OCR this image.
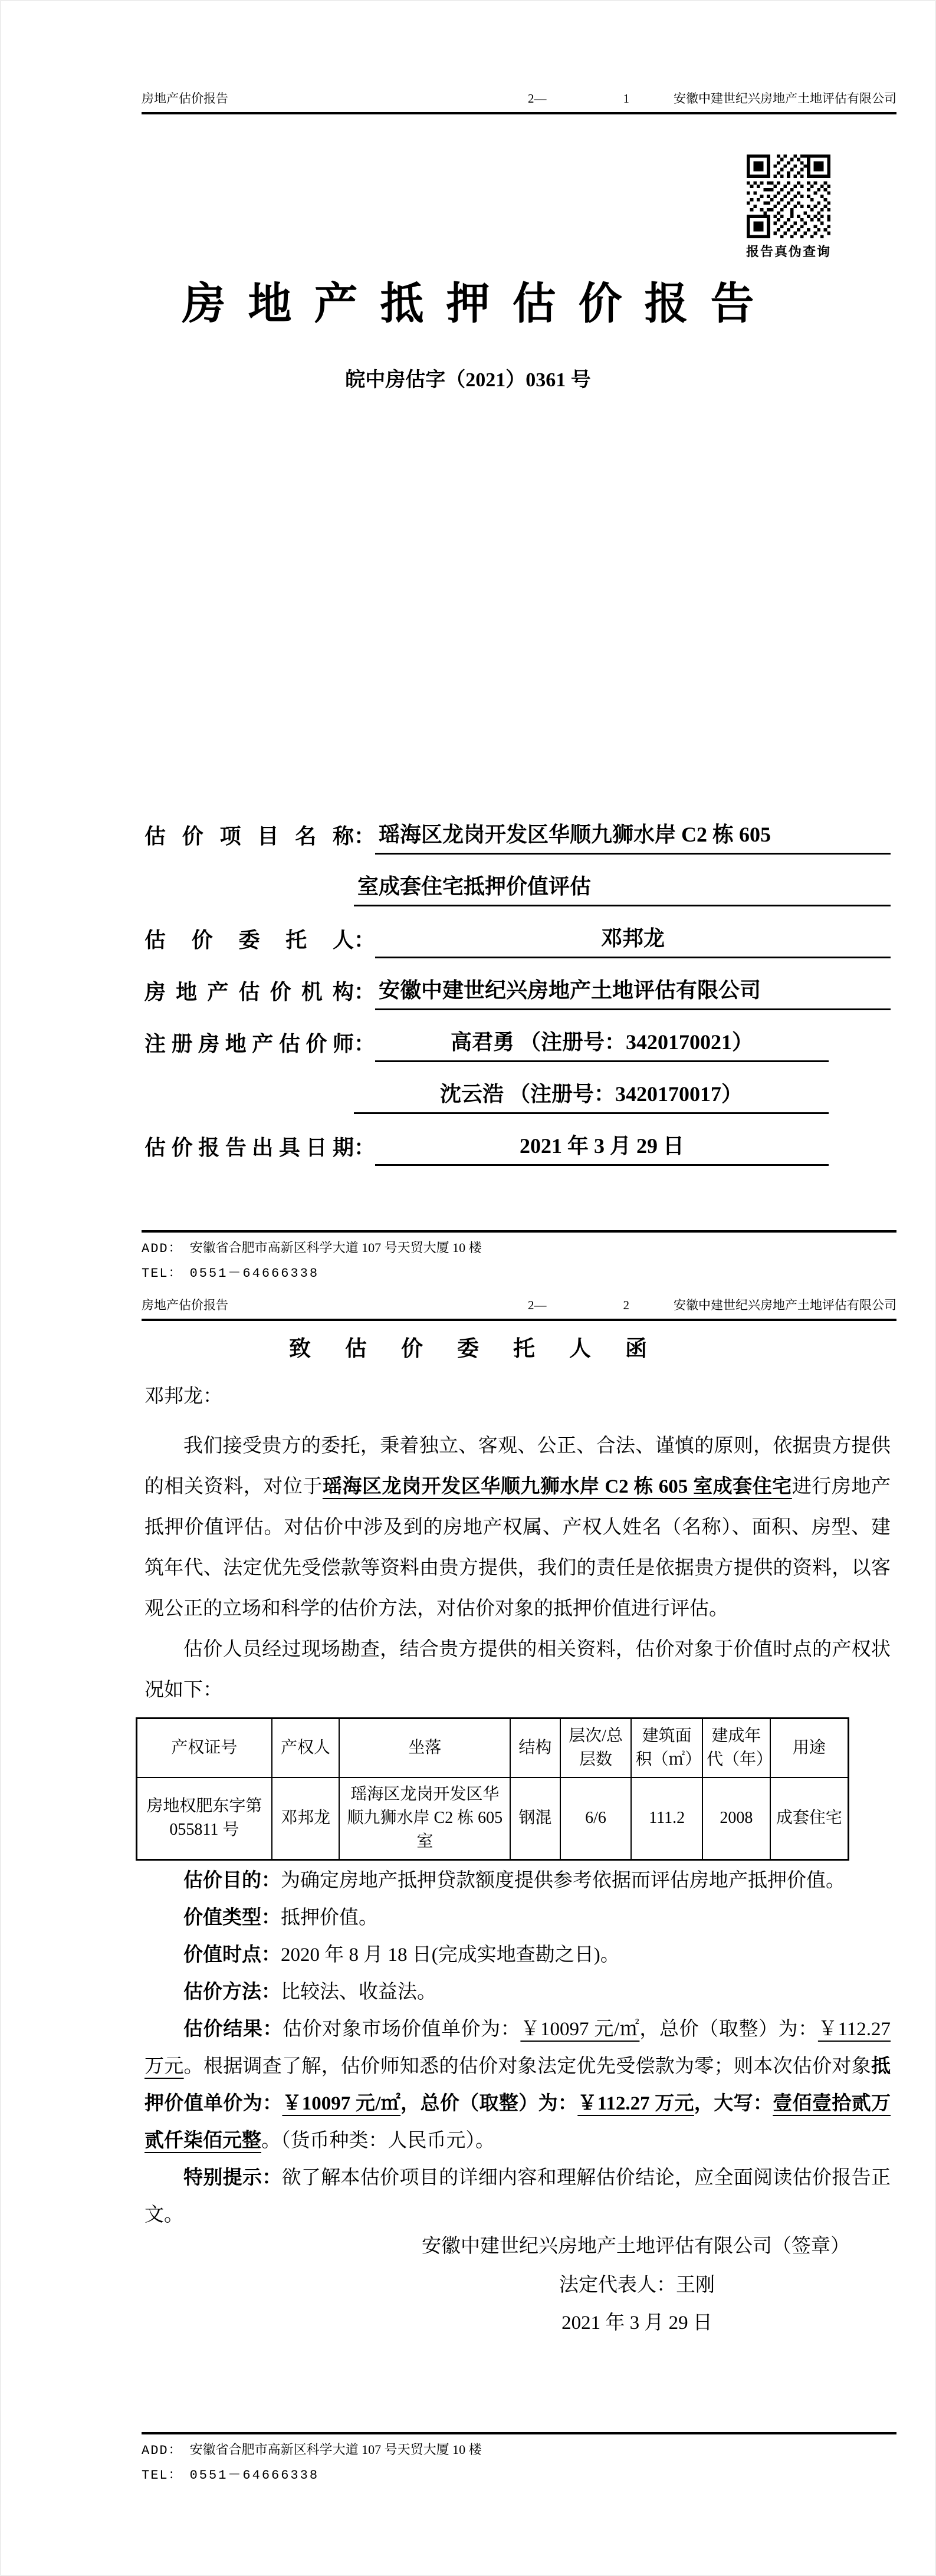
房地产估价报告	2—	1	安徽中建世纪兴房地产土地评估有限公司
报告真伪查询
房地产抵押估价报告
皖中房估字（2021）0361 号
估价项目名称 ： 瑶海区龙岗开发区华顺九狮水岸 C2 栋 605
室成套住宅抵押价值评估
估价委托人 ：	邓邦龙
房地产估价机构 ： 安徽中建世纪兴房地产土地评估有限公司
注册房地产估价师 ：	高君勇 （注册号：3420170021）
沈云浩 （注册号：3420170017）
估价报告出具日期 ：	2021 年 3 月 29 日
ADD： 安徽省合肥市高新区科学大道 107 号天贸大厦 10 楼
TEL： 0551－64666338
房地产估价报告	2—	2	安徽中建世纪兴房地产土地评估有限公司
致估价委托人函
邓邦龙：

我们接受贵方的委托，秉着独立、客观、公正、合法、谨慎的原则，依据贵方提供的相关资料，对位于瑶海区龙岗开发区华顺九狮水岸 C2 栋 605 室成套住宅进行房地产抵押价值评估。对估价中涉及到的房地产权属、产权人姓名（名称）、面积、房型、建筑年代、法定优先受偿款等资料由贵方提供，我们的责任是依据贵方提供的资料，以客观公正的立场和科学的估价方法，对估价对象的抵押价值进行评估。

估价人员经过现场勘查，结合贵方提供的相关资料，估价对象于价值时点的产权状况如下：

产权证号	产权人	坐落	结构	层次/总层数	建筑面积（㎡）	建成年代（年）	用途
房地权肥东字第 055811 号	邓邦龙	瑶海区龙岗开发区华顺九狮水岸 C2 栋 605 室	钢混	6/6	111.2	2008	成套住宅

估价目的：为确定房地产抵押贷款额度提供参考依据而评估房地产抵押价值。

价值类型：抵押价值。

价值时点：2020 年 8 月 18 日(完成实地查勘之日)。

估价方法：比较法、收益法。

估价结果：估价对象市场价值单价为：￥10097 元/㎡，总价（取整）为：￥112.27 万元。根据调查了解，估价师知悉的估价对象法定优先受偿款为零；则本次估价对象抵押价值单价为：￥10097 元/㎡，总价（取整）为：￥112.27 万元，大写：壹佰壹拾贰万贰仟柒佰元整。（货币种类：人民币元）。

特别提示：欲了解本估价项目的详细内容和理解估价结论，应全面阅读估价报告正文。

安徽中建世纪兴房地产土地评估有限公司（签章）
法定代表人：王刚
2021 年 3 月 29 日
ADD： 安徽省合肥市高新区科学大道 107 号天贸大厦 10 楼
TEL： 0551－64666338
